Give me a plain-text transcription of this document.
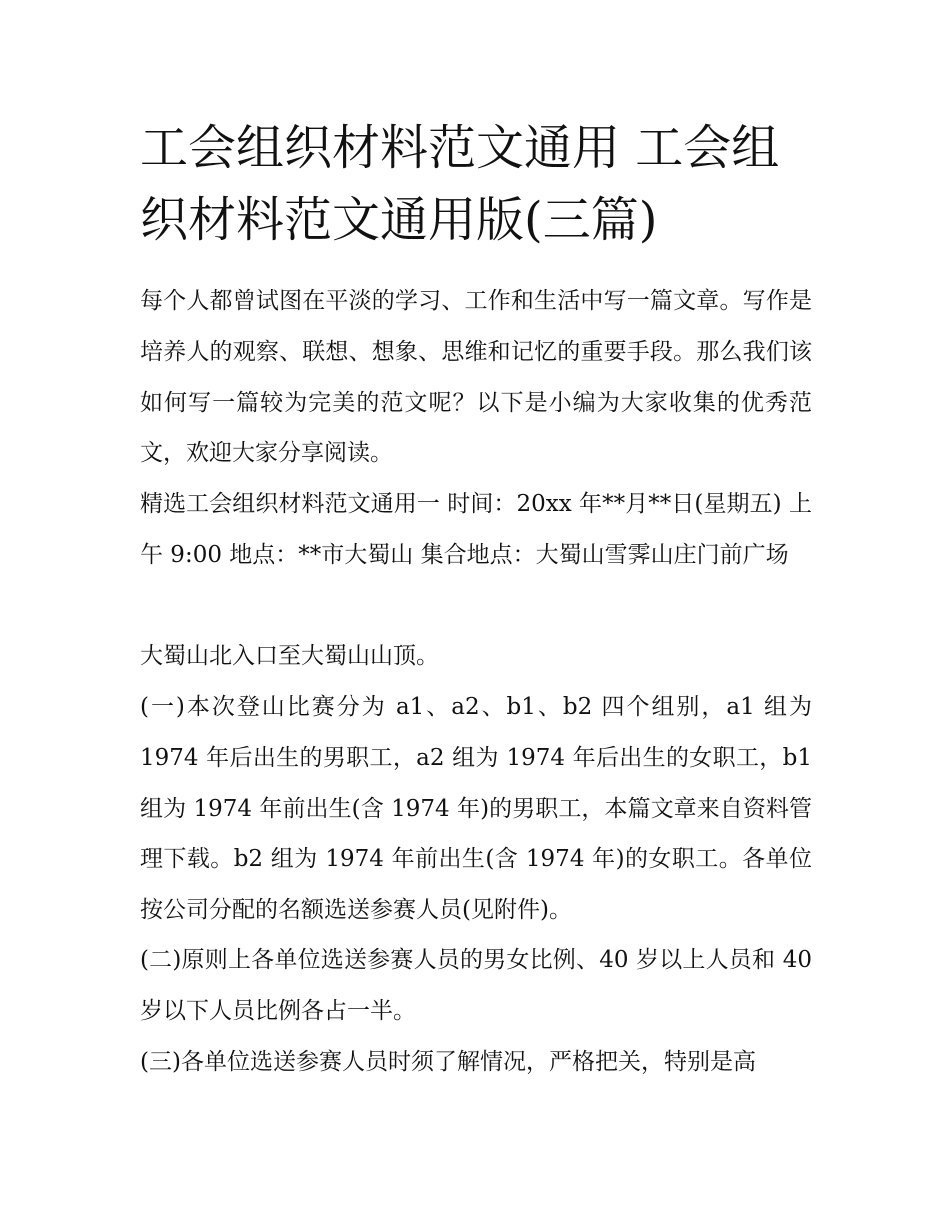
工会组织材料范文通用 工会组织材料范文通用版(三篇)

每个人都曾试图在平淡的学习、工作和生活中写一篇文章。写作是培养人的观察、联想、想象、思维和记忆的重要手段。那么我们该如何写一篇较为完美的范文呢？以下是小编为大家收集的优秀范文，欢迎大家分享阅读。

精选工会组织材料范文通用一 时间：20xx 年**月**日(星期五) 上午 9:00 地点：**市大蜀山 集合地点：大蜀山雪霁山庄门前广场

大蜀山北入口至大蜀山山顶。

(一)本次登山比赛分为 a1、a2、b1、b2 四个组别，a1 组为 1974 年后出生的男职工，a2 组为 1974 年后出生的女职工，b1 组为 1974 年前出生(含 1974 年)的男职工，本篇文章来自资料管理下载。b2 组为 1974 年前出生(含 1974 年)的女职工。各单位按公司分配的名额选送参赛人员(见附件)。

(二)原则上各单位选送参赛人员的男女比例、40 岁以上人员和 40 岁以下人员比例各占一半。

(三)各单位选送参赛人员时须了解情况，严格把关，特别是高
